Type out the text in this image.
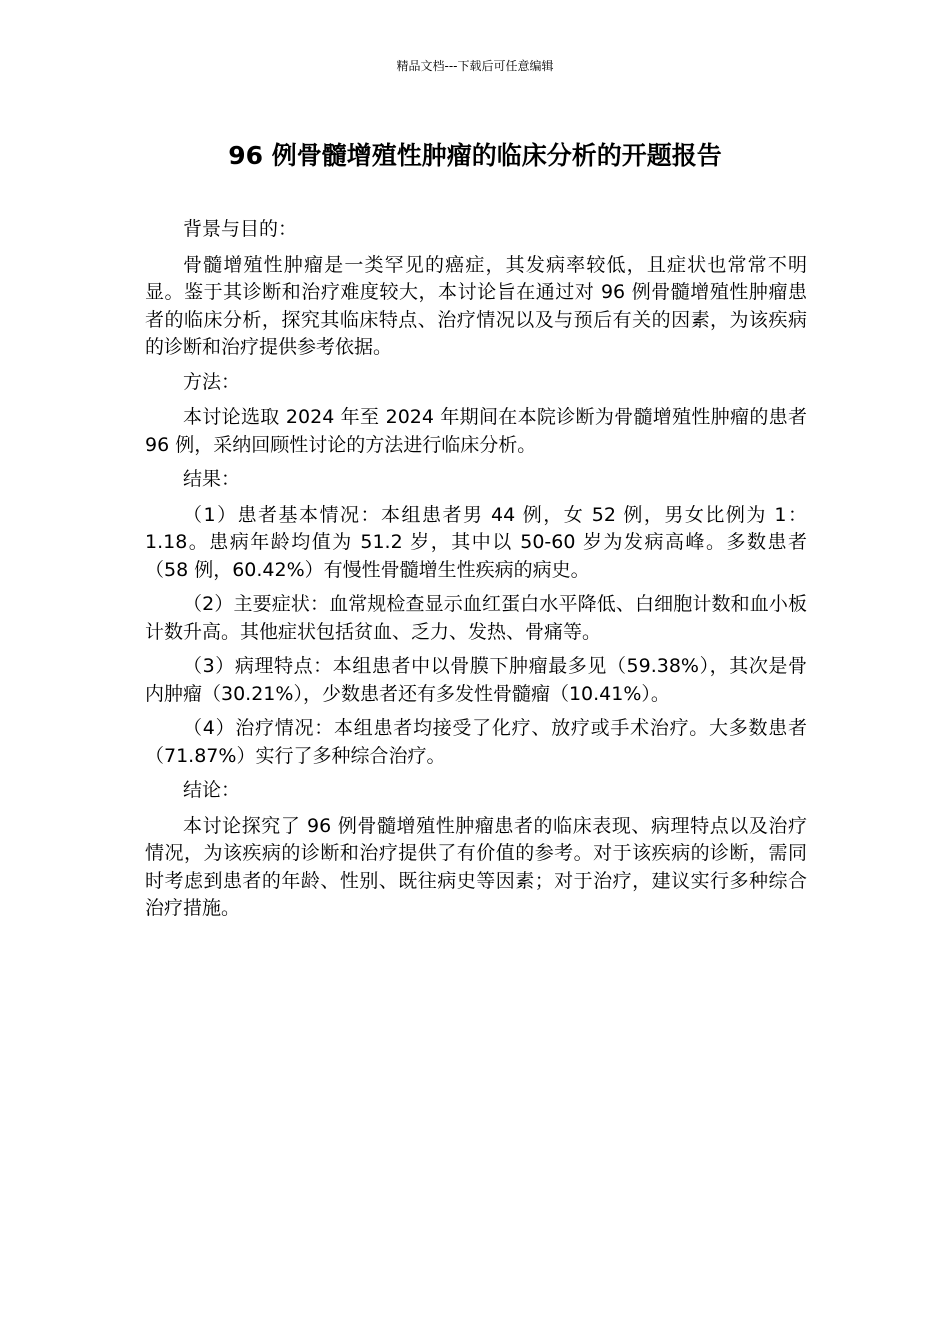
精品文档---下载后可任意编辑
96 例骨髓增殖性肿瘤的临床分析的开题报告

背景与目的：

骨髓增殖性肿瘤是一类罕见的癌症，其发病率较低，且症状也常常不明显。鉴于其诊断和治疗难度较大，本讨论旨在通过对 96 例骨髓增殖性肿瘤患者的临床分析，探究其临床特点、治疗情况以及与预后有关的因素，为该疾病的诊断和治疗提供参考依据。

方法：

本讨论选取 2024 年至 2024 年期间在本院诊断为骨髓增殖性肿瘤的患者 96 例，采纳回顾性讨论的方法进行临床分析。

结果：

（1）患者基本情况：本组患者男 44 例，女 52 例，男女比例为 1：1.18。患病年龄均值为 51.2 岁，其中以 50-60 岁为发病高峰。多数患者（58 例，60.42%）有慢性骨髓增生性疾病的病史。

（2）主要症状：血常规检查显示血红蛋白水平降低、白细胞计数和血小板计数升高。其他症状包括贫血、乏力、发热、骨痛等。

（3）病理特点：本组患者中以骨膜下肿瘤最多见（59.38%），其次是骨内肿瘤（30.21%），少数患者还有多发性骨髓瘤（10.41%）。

（4）治疗情况：本组患者均接受了化疗、放疗或手术治疗。大多数患者（71.87%）实行了多种综合治疗。

结论：

本讨论探究了 96 例骨髓增殖性肿瘤患者的临床表现、病理特点以及治疗情况，为该疾病的诊断和治疗提供了有价值的参考。对于该疾病的诊断，需同时考虑到患者的年龄、性别、既往病史等因素；对于治疗，建议实行多种综合治疗措施。
